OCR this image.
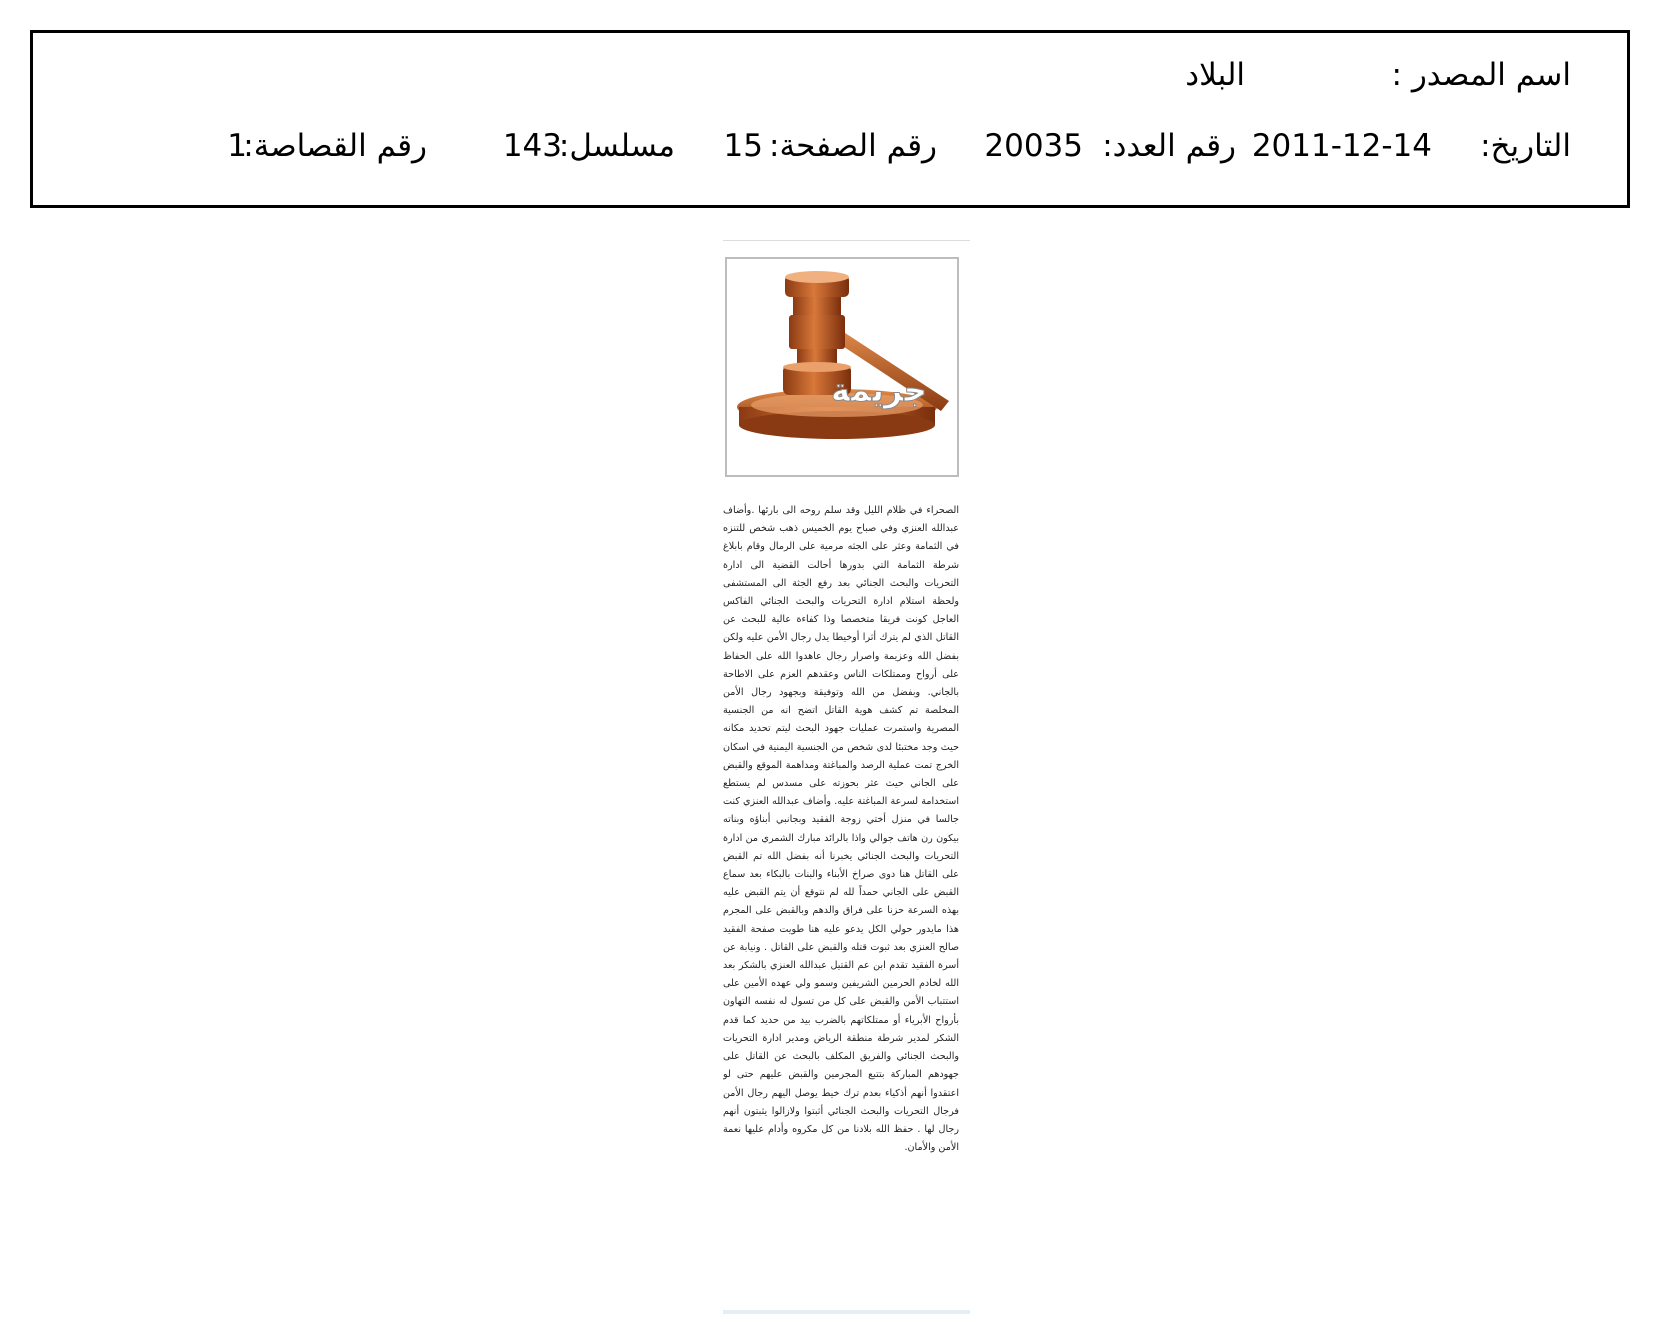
اسم المصدر :
البلاد
التاريخ:
2011-12-14
رقم العدد:
20035
رقم الصفحة:
15
مسلسل:
143
رقم القصاصة:
1
جريمة
الصحراء في ظلام الليل وقد سلم روحه الى بارئها .وأضاف عبدالله العنزي وفي صباح يوم الخميس ذهب شخص للتنزه في الثمامة وعثر على الجثه مرمية على الرمال وقام بابلاغ شرطة الثمامة التي بدورها أحالت القضية الى ادارة التحريات والبحث الجنائي بعد رفع الجثة الى المستشفى ولحظة استلام ادارة التحريات والبحث الجنائي الفاكس العاجل كونت فريقا متخصصا وذا كفاءة عالية للبحث عن القاتل الذي لم يترك أثرا أوخيطا يدل رجال الأمن عليه ولكن بفضل الله وعزيمة واصرار رجال عاهدوا الله على الحفاظ على أرواح وممتلكات الناس وعقدهم العزم على الاطاحة بالجاني. وبفضل من الله وتوفيقة وبجهود رجال الأمن المخلصة تم كشف هوية القاتل اتضح انه من الجنسية المصرية واستمرت عمليات جهود البحث ليتم تحديد مكانه حيث وجد مختبئا لدى شخص من الجنسية اليمنية في اسكان الخرج تمت عملية الرصد والمباغتة ومداهمة الموقع والقبض على الجاني حيث عثر بحوزته على مسدس لم يستطع استخدامة لسرعة المباغتة عليه. وأضاف عبدالله العنزي كنت جالسا في منزل أختي زوجة الفقيد وبجانبي أبناؤه وبناته بيكون رن هاتف جوالي واذا بالرائد مبارك الشمري من ادارة التحريات والبحث الجنائي يخبرنا أنه بفضل الله تم القبض على القاتل هنا دوى صراخ الأبناء والبنات بالبكاء بعد سماع القبض على الجاني حمداً لله لم نتوقع أن يتم القبض عليه بهذه السرعة حزنا على فراق والدهم وبالقبض على المجرم هذا مايدور حولي الكل يدعو عليه هنا طويت صفحة الفقيد صالح العنزي بعد ثبوت قتله والقبض على القاتل . ونيابة عن أسرة الفقيد تقدم ابن عم القتيل عبدالله العنزي بالشكر بعد الله لخادم الحرمين الشريفين وسمو ولي عهده الأمين على استتباب الأمن والقبض على كل من تسول له نفسه التهاون بأرواح الأبرياء أو ممتلكاتهم بالضرب بيد من حديد كما قدم الشكر لمدير شرطة منطقة الرياض ومدير ادارة التحريات والبحث الجنائي والفريق المكلف بالبحث عن القاتل على جهودهم المباركة بتتبع المجرمين والقبض عليهم حتى لو اعتقدوا أنهم أذكياء بعدم ترك خيط يوصل اليهم رجال الأمن فرجال التحريات والبحث الجنائي أثبتوا ولازالوا يثبتون أنهم رجال لها . حفظ الله بلادنا من كل مكروه وأدام عليها نعمة الأمن والأمان.
